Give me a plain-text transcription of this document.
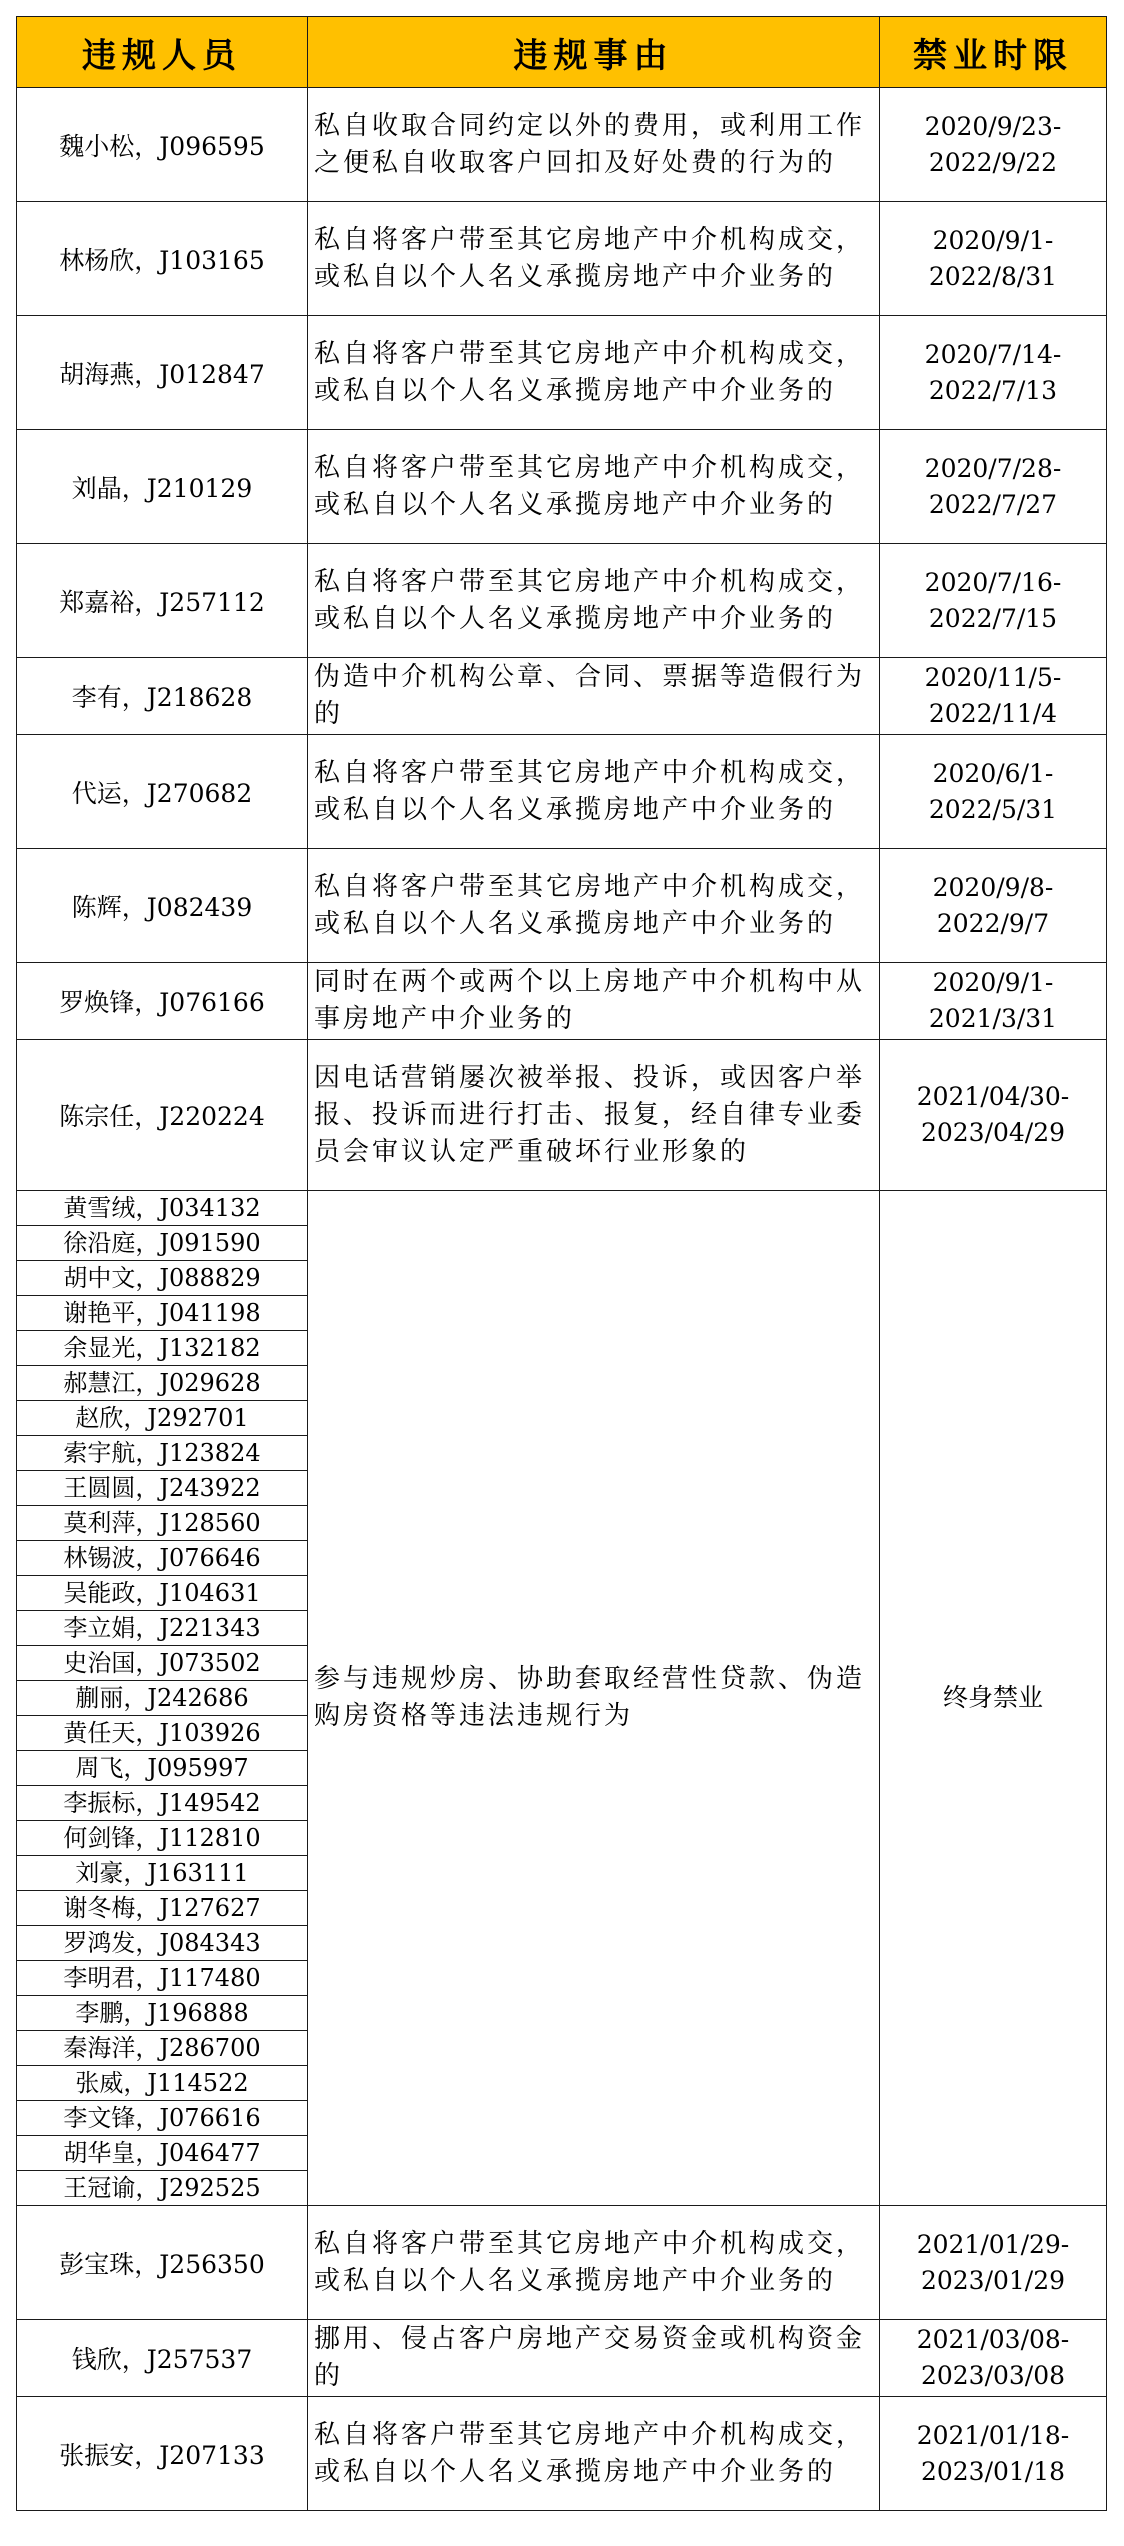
违规人员	违规事由	禁业时限
魏小松，J096595	私自收取合同约定以外的费用，或利用工作之便私自收取客户回扣及好处费的行为的	2020/9/23-
2022/9/22

林杨欣，J103165	私自将客户带至其它房地产中介机构成交，或私自以个人名义承揽房地产中介业务的	2020/9/1-
2022/8/31

胡海燕，J012847	私自将客户带至其它房地产中介机构成交，或私自以个人名义承揽房地产中介业务的	2020/7/14-
2022/7/13

刘晶，J210129	私自将客户带至其它房地产中介机构成交，或私自以个人名义承揽房地产中介业务的	2020/7/28-
2022/7/27

郑嘉裕，J257112	私自将客户带至其它房地产中介机构成交，或私自以个人名义承揽房地产中介业务的	2020/7/16-
2022/7/15

李有，J218628	伪造中介机构公章、合同、票据等造假行为的	2020/11/5-
2022/11/4

代运，J270682	私自将客户带至其它房地产中介机构成交，或私自以个人名义承揽房地产中介业务的	2020/6/1-
2022/5/31

陈辉，J082439	私自将客户带至其它房地产中介机构成交，或私自以个人名义承揽房地产中介业务的	2020/9/8-
2022/9/7

罗焕锋，J076166	同时在两个或两个以上房地产中介机构中从事房地产中介业务的	2020/9/1-
2021/3/31

陈宗任，J220224	因电话营销屡次被举报、投诉，或因客户举报、投诉而进行打击、报复，经自律专业委员会审议认定严重破坏行业形象的	2021/04/30-
2023/04/29

黄雪绒，J034132	参与违规炒房、协助套取经营性贷款、伪造购房资格等违法违规行为	终身禁业
徐沿庭，J091590		
胡中文，J088829		
谢艳平，J041198		
余显光，J132182		
郝慧江，J029628		
赵欣，J292701		
索宇航，J123824		
王圆圆，J243922		
莫利萍，J128560		
林锡波，J076646		
吴能政，J104631		
李立娟，J221343		
史治国，J073502		
蒯丽，J242686		
黄任天，J103926		
周飞，J095997		
李振标，J149542		
何剑锋，J112810		
刘豪，J163111		
谢冬梅，J127627		
罗鸿发，J084343		
李明君，J117480		
李鹏，J196888		
秦海洋，J286700		
张威，J114522		
李文锋，J076616		
胡华皇，J046477		
王冠谕，J292525		
彭宝珠，J256350	私自将客户带至其它房地产中介机构成交，或私自以个人名义承揽房地产中介业务的	2021/01/29-
2023/01/29

钱欣，J257537	挪用、侵占客户房地产交易资金或机构资金的	2021/03/08-
2023/03/08

张振安，J207133	私自将客户带至其它房地产中介机构成交，或私自以个人名义承揽房地产中介业务的	2021/01/18-
2023/01/18
